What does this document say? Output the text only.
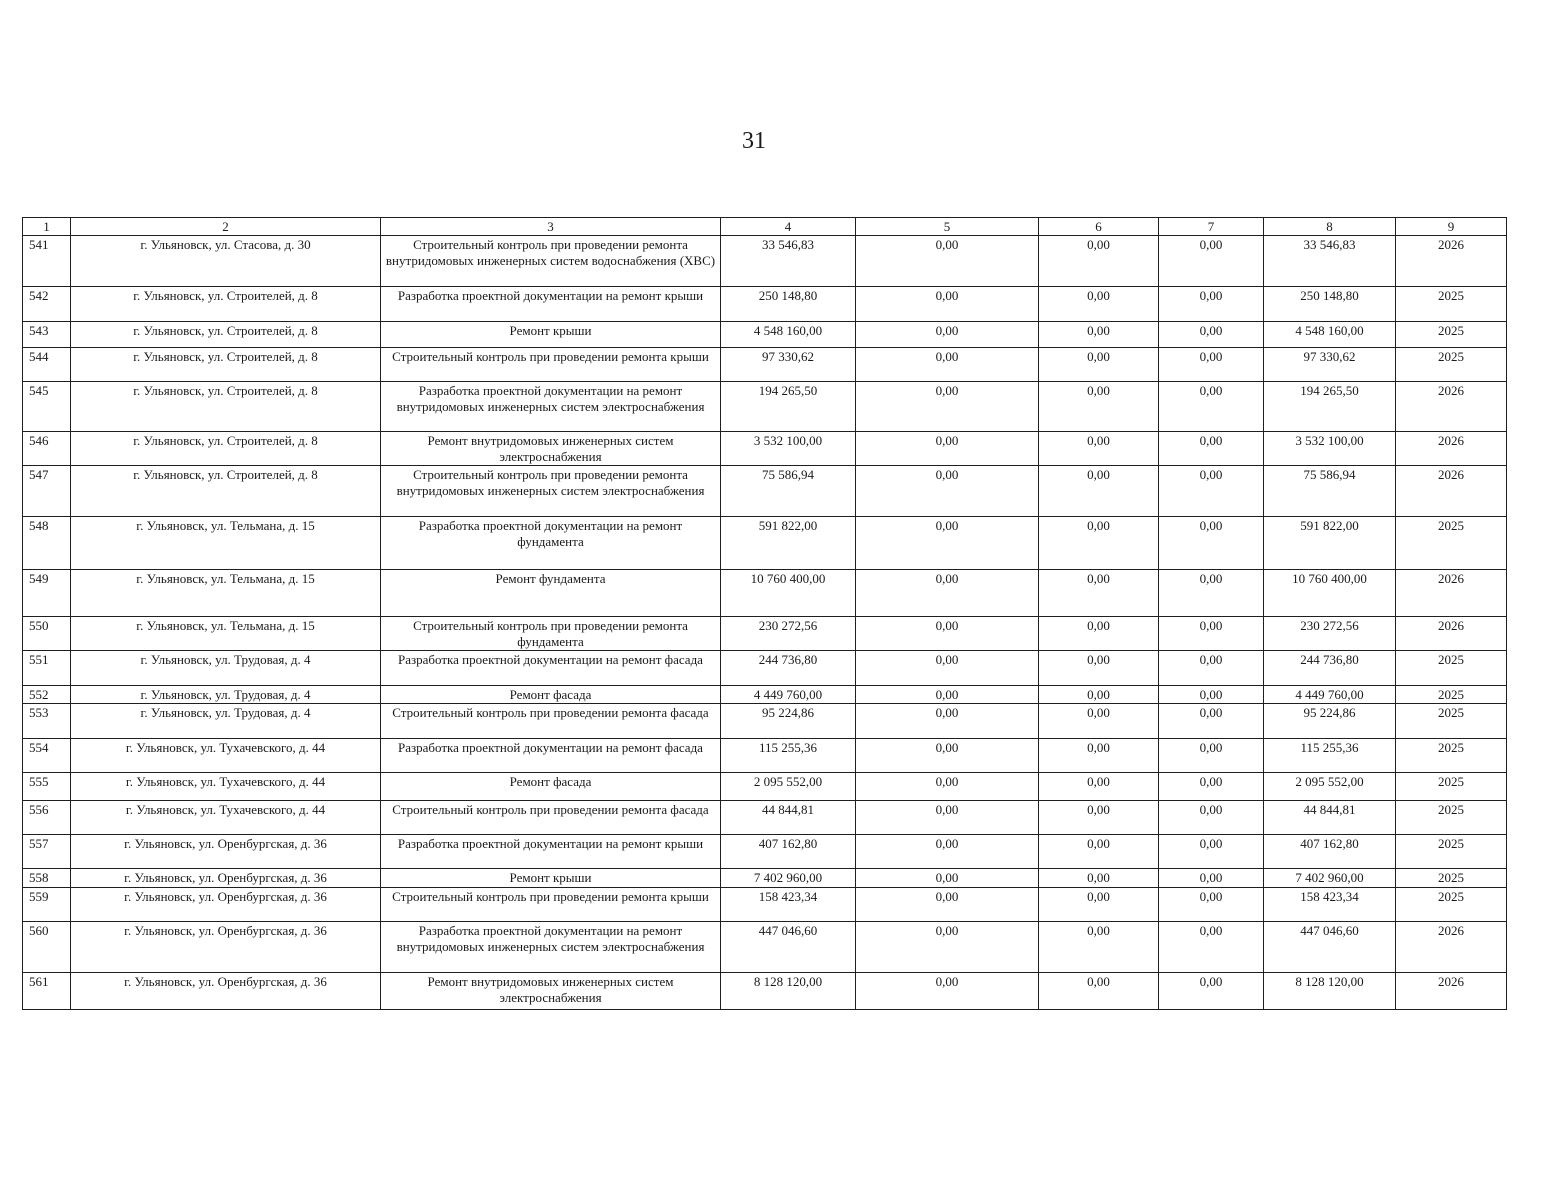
31
1	2	3	4	5	6	7	8	9
541	г. Ульяновск, ул. Стасова, д. 30	Строительный контроль при проведении ремонта внутридомовых инженерных систем водоснабжения (ХВС)	33 546,83	0,00	0,00	0,00	33 546,83	2026
542	г. Ульяновск, ул. Строителей, д. 8	Разработка проектной документации на ремонт крыши	250 148,80	0,00	0,00	0,00	250 148,80	2025
543	г. Ульяновск, ул. Строителей, д. 8	Ремонт крыши	4 548 160,00	0,00	0,00	0,00	4 548 160,00	2025
544	г. Ульяновск, ул. Строителей, д. 8	Строительный контроль при проведении ремонта крыши	97 330,62	0,00	0,00	0,00	97 330,62	2025
545	г. Ульяновск, ул. Строителей, д. 8	Разработка проектной документации на ремонт внутридомовых инженерных систем электроснабжения	194 265,50	0,00	0,00	0,00	194 265,50	2026
546	г. Ульяновск, ул. Строителей, д. 8	Ремонт внутридомовых инженерных систем электроснабжения	3 532 100,00	0,00	0,00	0,00	3 532 100,00	2026
547	г. Ульяновск, ул. Строителей, д. 8	Строительный контроль при проведении ремонта внутридомовых инженерных систем электроснабжения	75 586,94	0,00	0,00	0,00	75 586,94	2026
548	г. Ульяновск, ул. Тельмана, д. 15	Разработка проектной документации на ремонт фундамента	591 822,00	0,00	0,00	0,00	591 822,00	2025
549	г. Ульяновск, ул. Тельмана, д. 15	Ремонт фундамента	10 760 400,00	0,00	0,00	0,00	10 760 400,00	2026
550	г. Ульяновск, ул. Тельмана, д. 15	Строительный контроль при проведении ремонта фундамента	230 272,56	0,00	0,00	0,00	230 272,56	2026
551	г. Ульяновск, ул. Трудовая, д. 4	Разработка проектной документации на ремонт фасада	244 736,80	0,00	0,00	0,00	244 736,80	2025
552	г. Ульяновск, ул. Трудовая, д. 4	Ремонт фасада	4 449 760,00	0,00	0,00	0,00	4 449 760,00	2025
553	г. Ульяновск, ул. Трудовая, д. 4	Строительный контроль при проведении ремонта фасада	95 224,86	0,00	0,00	0,00	95 224,86	2025
554	г. Ульяновск, ул. Тухачевского, д. 44	Разработка проектной документации на ремонт фасада	115 255,36	0,00	0,00	0,00	115 255,36	2025
555	г. Ульяновск, ул. Тухачевского, д. 44	Ремонт фасада	2 095 552,00	0,00	0,00	0,00	2 095 552,00	2025
556	г. Ульяновск, ул. Тухачевского, д. 44	Строительный контроль при проведении ремонта фасада	44 844,81	0,00	0,00	0,00	44 844,81	2025
557	г. Ульяновск, ул. Оренбургская, д. 36	Разработка проектной документации на ремонт крыши	407 162,80	0,00	0,00	0,00	407 162,80	2025
558	г. Ульяновск, ул. Оренбургская, д. 36	Ремонт крыши	7 402 960,00	0,00	0,00	0,00	7 402 960,00	2025
559	г. Ульяновск, ул. Оренбургская, д. 36	Строительный контроль при проведении ремонта крыши	158 423,34	0,00	0,00	0,00	158 423,34	2025
560	г. Ульяновск, ул. Оренбургская, д. 36	Разработка проектной документации на ремонт внутридомовых инженерных систем электроснабжения	447 046,60	0,00	0,00	0,00	447 046,60	2026
561	г. Ульяновск, ул. Оренбургская, д. 36	Ремонт внутридомовых инженерных систем электроснабжения	8 128 120,00	0,00	0,00	0,00	8 128 120,00	2026
